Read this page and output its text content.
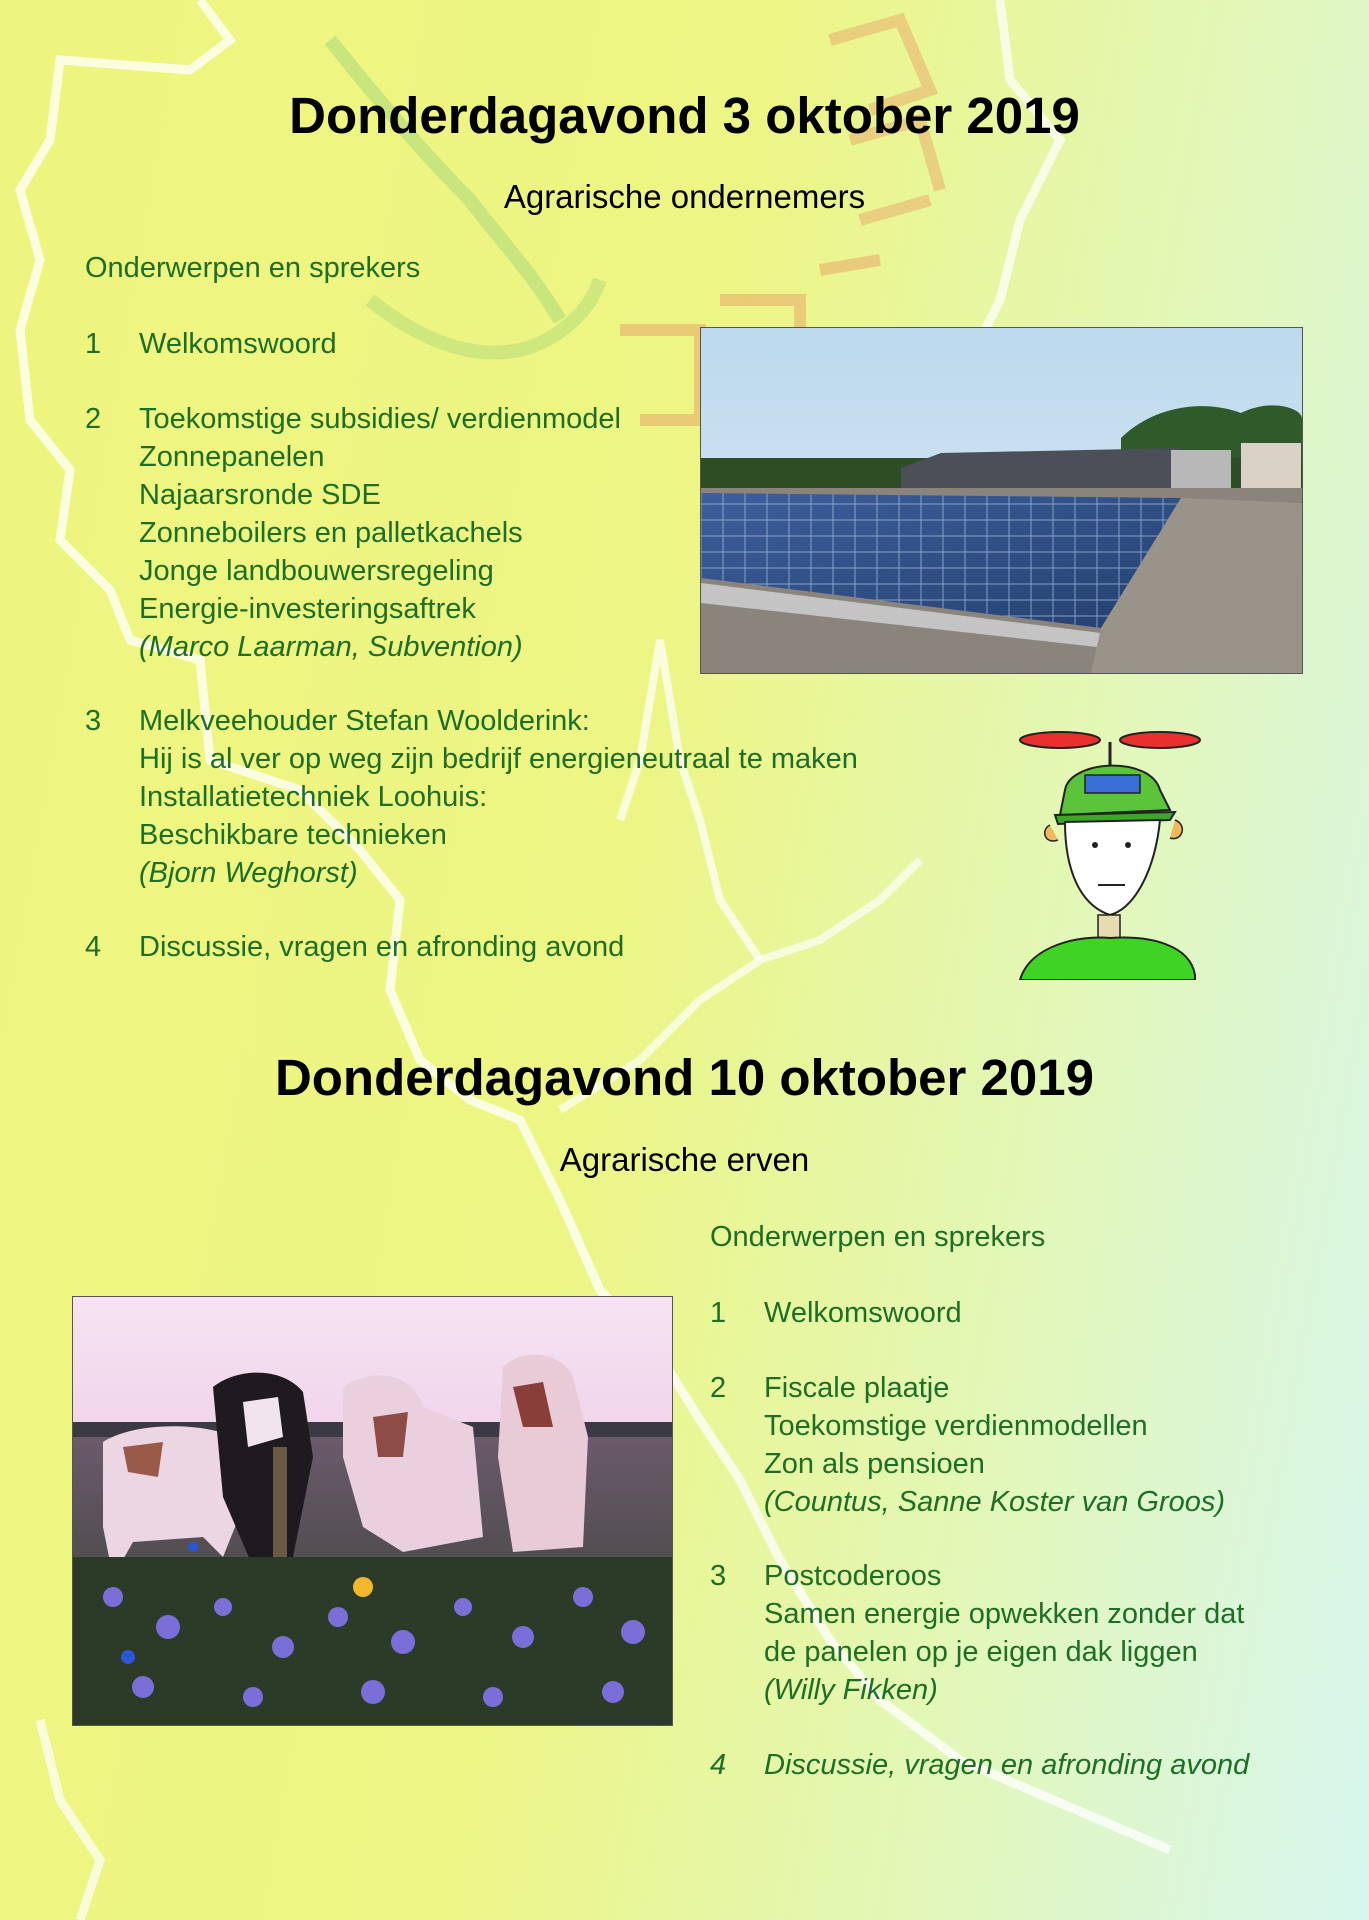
Donderdagavond 3 oktober 2019
Agrarische ondernemers
Onderwerpen en sprekers
1 Welkomswoord
2 Toekomstige subsidies/ verdienmodel
Zonnepanelen
Najaarsronde SDE
Zonneboilers en palletkachels
Jonge landbouwersregeling
Energie-investeringsaftrek
(Marco Laarman, Subvention)
3 Melkveehouder Stefan Woolderink:
Hij is al ver op weg zijn bedrijf energieneutraal te maken
Installatietechniek Loohuis:
Beschikbare technieken
(Bjorn Weghorst)
4 Discussie, vragen en afronding avond
Donderdagavond 10 oktober 2019
Agrarische erven
Onderwerpen en sprekers
1 Welkomswoord
2 Fiscale plaatje
Toekomstige verdienmodellen
Zon als pensioen
(Countus, Sanne Koster van Groos)
3 Postcoderoos
Samen energie opwekken zonder dat
de panelen op je eigen dak liggen
(Willy Fikken)
4 Discussie, vragen en afronding avond
